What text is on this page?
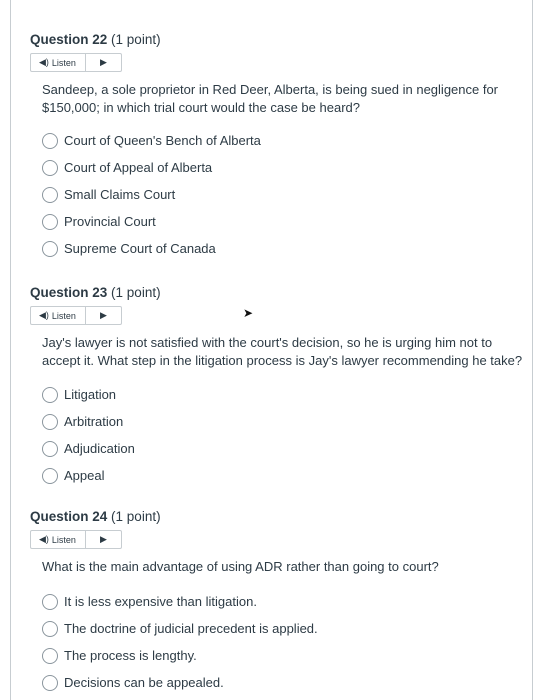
Question 22 (1 point)
◀︎) Listen	▶
Sandeep, a sole proprietor in Red Deer, Alberta, is being sued in negligence for $150,000; in which trial court would the case be heard?
Court of Queen's Bench of Alberta
Court of Appeal of Alberta
Small Claims Court
Provincial Court
Supreme Court of Canada
Question 23 (1 point)
◀︎) Listen	▶
Jay's lawyer is not satisfied with the court's decision, so he is urging him not to accept it. What step in the litigation process is Jay's lawyer recommending he take?
Litigation
Arbitration
Adjudication
Appeal
Question 24 (1 point)
◀︎) Listen	▶
What is the main advantage of using ADR rather than going to court?
It is less expensive than litigation.
The doctrine of judicial precedent is applied.
The process is lengthy.
Decisions can be appealed.
➤
